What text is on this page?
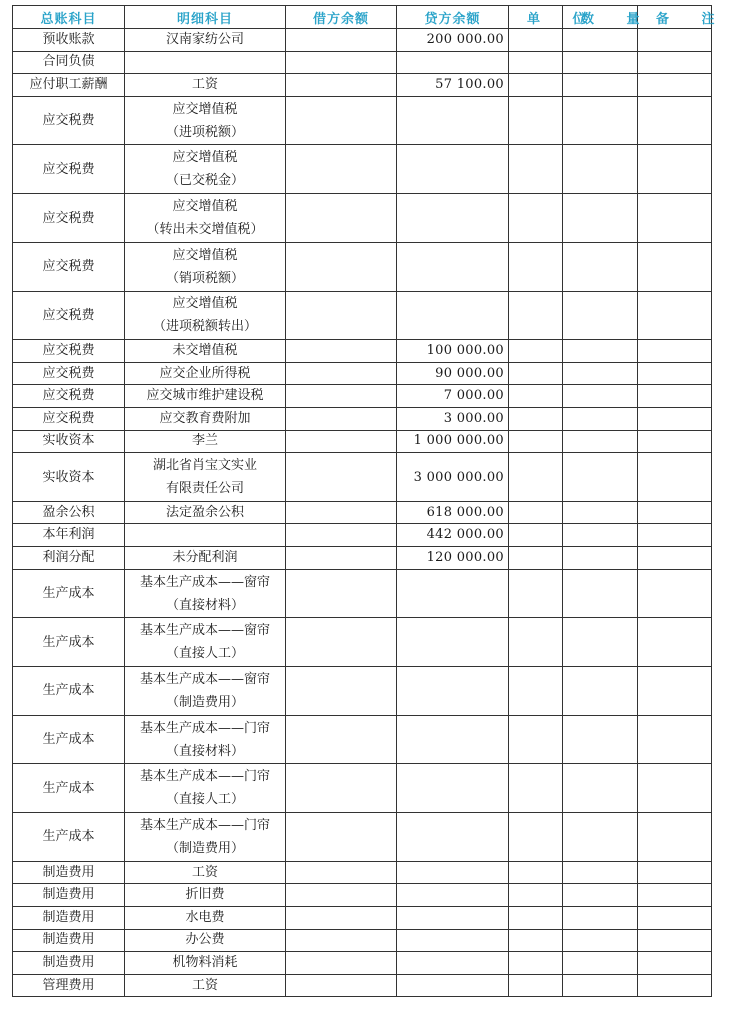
总账科目	明细科目	借方余额	贷方余额	单 位	数 量	备 注
预收账款	汉南家纺公司		200 000.00			
合同负债						
应付职工薪酬	工资		57 100.00			
应交税费	应交增值税
（进项税额）					

应交税费	应交增值税
（已交税金）					

应交税费	应交增值税
（转出未交增值税）					

应交税费	应交增值税
（销项税额）					

应交税费	应交增值税
（进项税额转出）					

应交税费	未交增值税		100 000.00			
应交税费	应交企业所得税		90 000.00			
应交税费	应交城市维护建设税		7 000.00			
应交税费	应交教育费附加		3 000.00			
实收资本	李兰		1 000 000.00			
实收资本	湖北省肖宝文实业
有限责任公司		3 000 000.00			
盈余公积	法定盈余公积		618 000.00			
本年利润			442 000.00			
利润分配	未分配利润		120 000.00			
生产成本	基本生产成本——窗帘
（直接材料）					

生产成本	基本生产成本——窗帘
（直接人工）					

生产成本	基本生产成本——窗帘
（制造费用）					

生产成本	基本生产成本——门帘
（直接材料）					

生产成本	基本生产成本——门帘
（直接人工）					

生产成本	基本生产成本——门帘
（制造费用）					

制造费用	工资					

制造费用	折旧费					

制造费用	水电费					

制造费用	办公费					

制造费用	机物料消耗					

管理费用	工资					
